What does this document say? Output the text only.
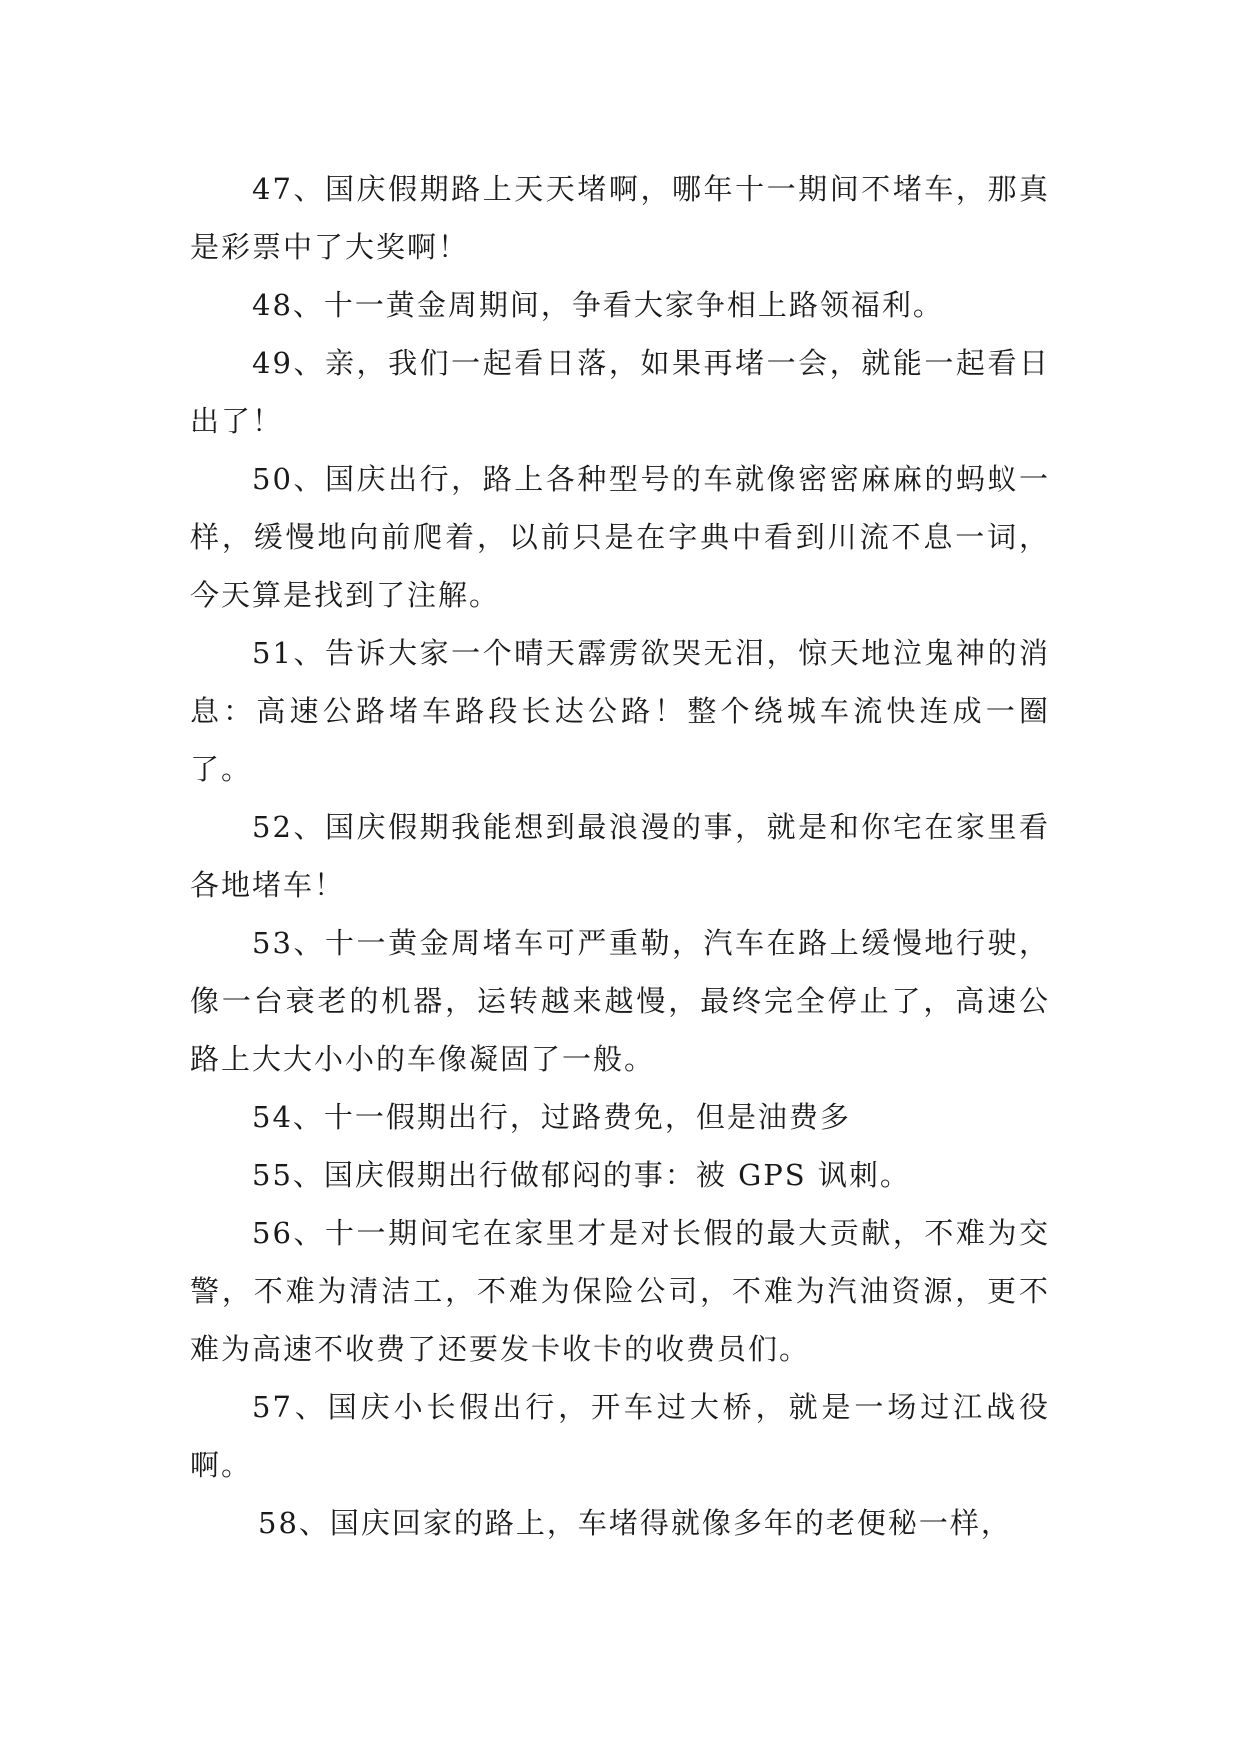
47、国庆假期路上天天堵啊，哪年十一期间不堵车，那真是彩票中了大奖啊！

48、十一黄金周期间，争看大家争相上路领福利。

49、亲，我们一起看日落，如果再堵一会，就能一起看日出了！

50、国庆出行，路上各种型号的车就像密密麻麻的蚂蚁一样，缓慢地向前爬着，以前只是在字典中看到川流不息一词，今天算是找到了注解。

51、告诉大家一个晴天霹雳欲哭无泪，惊天地泣鬼神的消息：高速公路堵车路段长达公路！整个绕城车流快连成一圈了。

52、国庆假期我能想到最浪漫的事，就是和你宅在家里看各地堵车！

53、十一黄金周堵车可严重勒，汽车在路上缓慢地行驶，像一台衰老的机器，运转越来越慢，最终完全停止了，高速公路上大大小小的车像凝固了一般。

54、十一假期出行，过路费免，但是油费多

55、国庆假期出行做郁闷的事：被 GPS 讽刺。

56、十一期间宅在家里才是对长假的最大贡献，不难为交警，不难为清洁工，不难为保险公司，不难为汽油资源，更不难为高速不收费了还要发卡收卡的收费员们。

57、国庆小长假出行，开车过大桥，就是一场过江战役啊。

58、国庆回家的路上，车堵得就像多年的老便秘一样，
